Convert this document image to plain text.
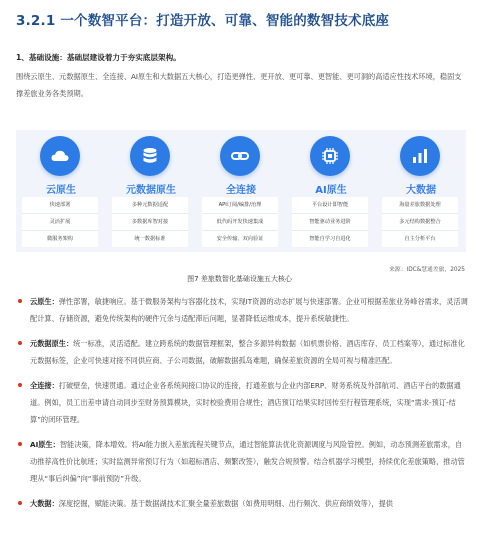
3.2.1 一个数智平台：打造开放、可靠、智能的数智技术底座
1、基础设施：基础层建设着力于夯实底层架构。
围绕云原生、元数据原生、全连接、AI原生和大数据五大核心，打造更弹性、更开放、更可靠、更智能、更可洞的高适应性技术环境，稳固支撑差旅业务各类预期。
云原生
快速部署
灵活扩展
微服务架构
元数据原生
多种元数据适配
多数据库智对接
统一数据标准
全连接
API订阅/编排/治理
低代码开发快速集成
安全传输、双向验证
AI原生
平台设计即智能
智能驱动业务进阶
智能自学习自进化
大数据
海量差旅数据处理
多元结构数据整合
自主分析平台
来源：IDC&慧通差旅，2025
图7 差旅数智化基础设施五大核心
云原生：弹性部署，敏捷响应。基于微服务架构与容器化技术，实现IT资源的动态扩展与快速部署。企业可根据差旅业务峰谷需求，灵活调配计算、存储资源，避免传统架构的硬件冗余与适配滞后问题，显著降低运维成本，提升系统敏捷性。
元数据原生：统一标准，灵活适配。建立跨系统的数据管理框架，整合多源异构数据（如机票价格、酒店库存、员工档案等），通过标准化元数据标签，企业可快速对接不同供应商、子公司数据，破解数据孤岛难题，确保差旅资源的全局可视与精准匹配。
全连接：打破壁垒，快速贯通。通过企业各系统间接口协议的连接，打通差旅与企业内部ERP、财务系统及外部航司、酒店平台的数据通道。例如，员工出差申请自动同步至财务预算模块，实时校验费用合规性；酒店预订结果实时回传至行程管理系统，实现“需求-预订-结算”的闭环管理。
AI原生：智能决策，降本增效。将AI能力嵌入差旅流程关键节点，通过智能算法优化资源调度与风险管控。例如，动态预测差旅需求，自动推荐高性价比航班；实时监测异常预订行为（如超标酒店、频繁改签），触发合规预警。结合机器学习模型，持续优化差旅策略，推动管理从“事后纠偏”向“事前预防”升级。
大数据：深度挖掘，赋能决策。基于数据湖技术汇聚全量差旅数据（如费用明细、出行频次、供应商绩效等），提供
